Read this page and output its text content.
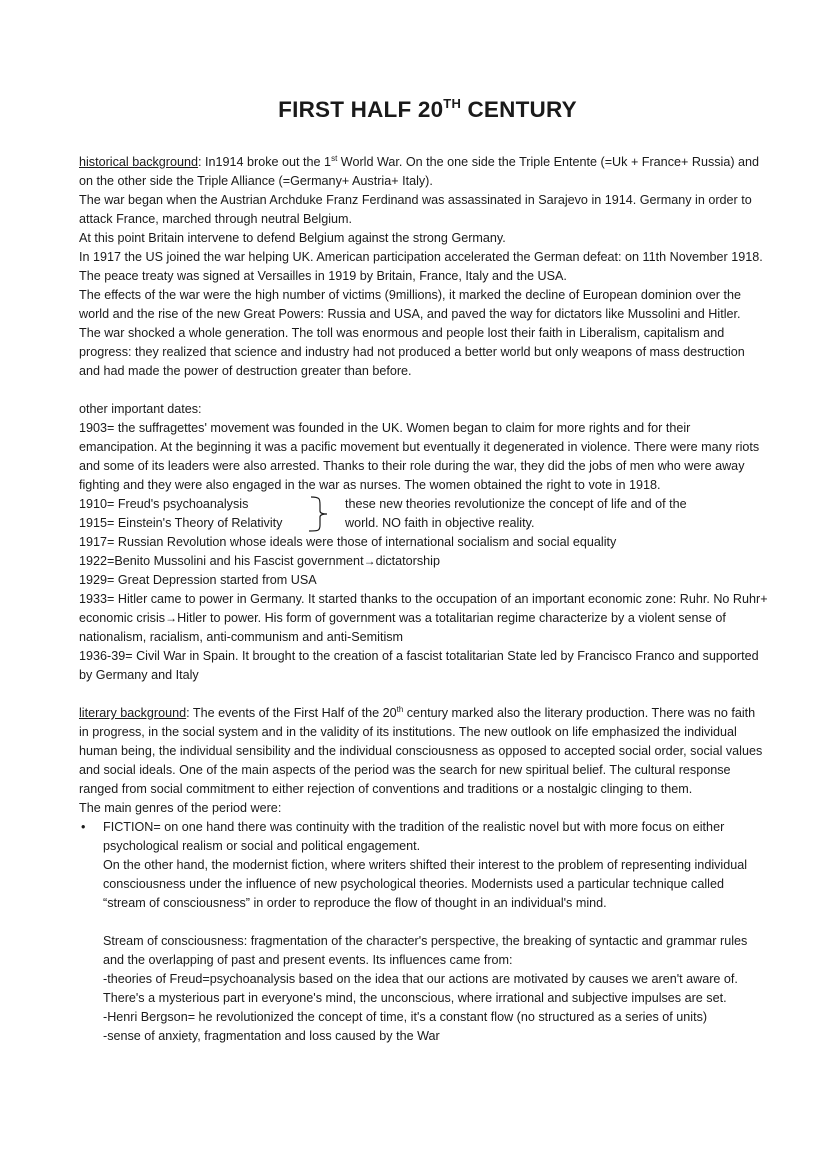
FIRST HALF 20TH CENTURY

historical background: In1914 broke out the 1st World War. On the one side the Triple Entente (=Uk + France+ Russia) and on the other side the Triple Alliance (=Germany+ Austria+ Italy).

The war began when the Austrian Archduke Franz Ferdinand was assassinated in Sarajevo in 1914. Germany in order to attack France, marched through neutral Belgium.

At this point Britain intervene to defend Belgium against the strong Germany.

In 1917 the US joined the war helping UK. American participation accelerated the German defeat: on 11th November 1918. The peace treaty was signed at Versailles in 1919 by Britain, France, Italy and the USA.

The effects of the war were the high number of victims (9millions), it marked the decline of European dominion over the world and the rise of the new Great Powers: Russia and USA, and paved the way for dictators like Mussolini and Hitler.

The war shocked a whole generation. The toll was enormous and people lost their faith in Liberalism, capitalism and progress: they realized that science and industry had not produced a better world but only weapons of mass destruction and had made the power of destruction greater than before.

other important dates:

1903= the suffragettes' movement was founded in the UK. Women began to claim for more rights and for their emancipation. At the beginning it was a pacific movement but eventually it degenerated in violence. There were many riots and some of its leaders were also arrested. Thanks to their role during the war, they did the jobs of men who were away fighting and they were also engaged in the war as nurses. The women obtained the right to vote in 1918.

1910= Freud's psychoanalysis
1915= Einstein's Theory of Relativity
these new theories revolutionize the concept of life and of the
world. NO faith in objective reality.

1917= Russian Revolution whose ideals were those of international socialism and social equality

1922=Benito Mussolini and his Fascist government→dictatorship

1929= Great Depression started from USA

1933= Hitler came to power in Germany. It started thanks to the occupation of an important economic zone: Ruhr. No Ruhr+ economic crisis→Hitler to power. His form of government was a totalitarian regime characterize by a violent sense of nationalism, racialism, anti-communism and anti-Semitism

1936-39= Civil War in Spain. It brought to the creation of a fascist totalitarian State led by Francisco Franco and supported by Germany and Italy

literary background: The events of the First Half of the 20th century marked also the literary production. There was no faith in progress, in the social system and in the validity of its institutions. The new outlook on life emphasized the individual human being, the individual sensibility and the individual consciousness as opposed to accepted social order, social values and social ideals. One of the main aspects of the period was the search for new spiritual belief. The cultural response ranged from social commitment to either rejection of conventions and traditions or a nostalgic clinging to them.

The main genres of the period were:

• FICTION= on one hand there was continuity with the tradition of the realistic novel but with more focus on either psychological realism or social and political engagement.

On the other hand, the modernist fiction, where writers shifted their interest to the problem of representing individual consciousness under the influence of new psychological theories. Modernists used a particular technique called “stream of consciousness” in order to reproduce the flow of thought in an individual's mind.

Stream of consciousness: fragmentation of the character's perspective, the breaking of syntactic and grammar rules and the overlapping of past and present events. Its influences came from:

-theories of Freud=psychoanalysis based on the idea that our actions are motivated by causes we aren't aware of. There's a mysterious part in everyone's mind, the unconscious, where irrational and subjective impulses are set.

-Henri Bergson= he revolutionized the concept of time, it's a constant flow (no structured as a series of units)

-sense of anxiety, fragmentation and loss caused by the War
